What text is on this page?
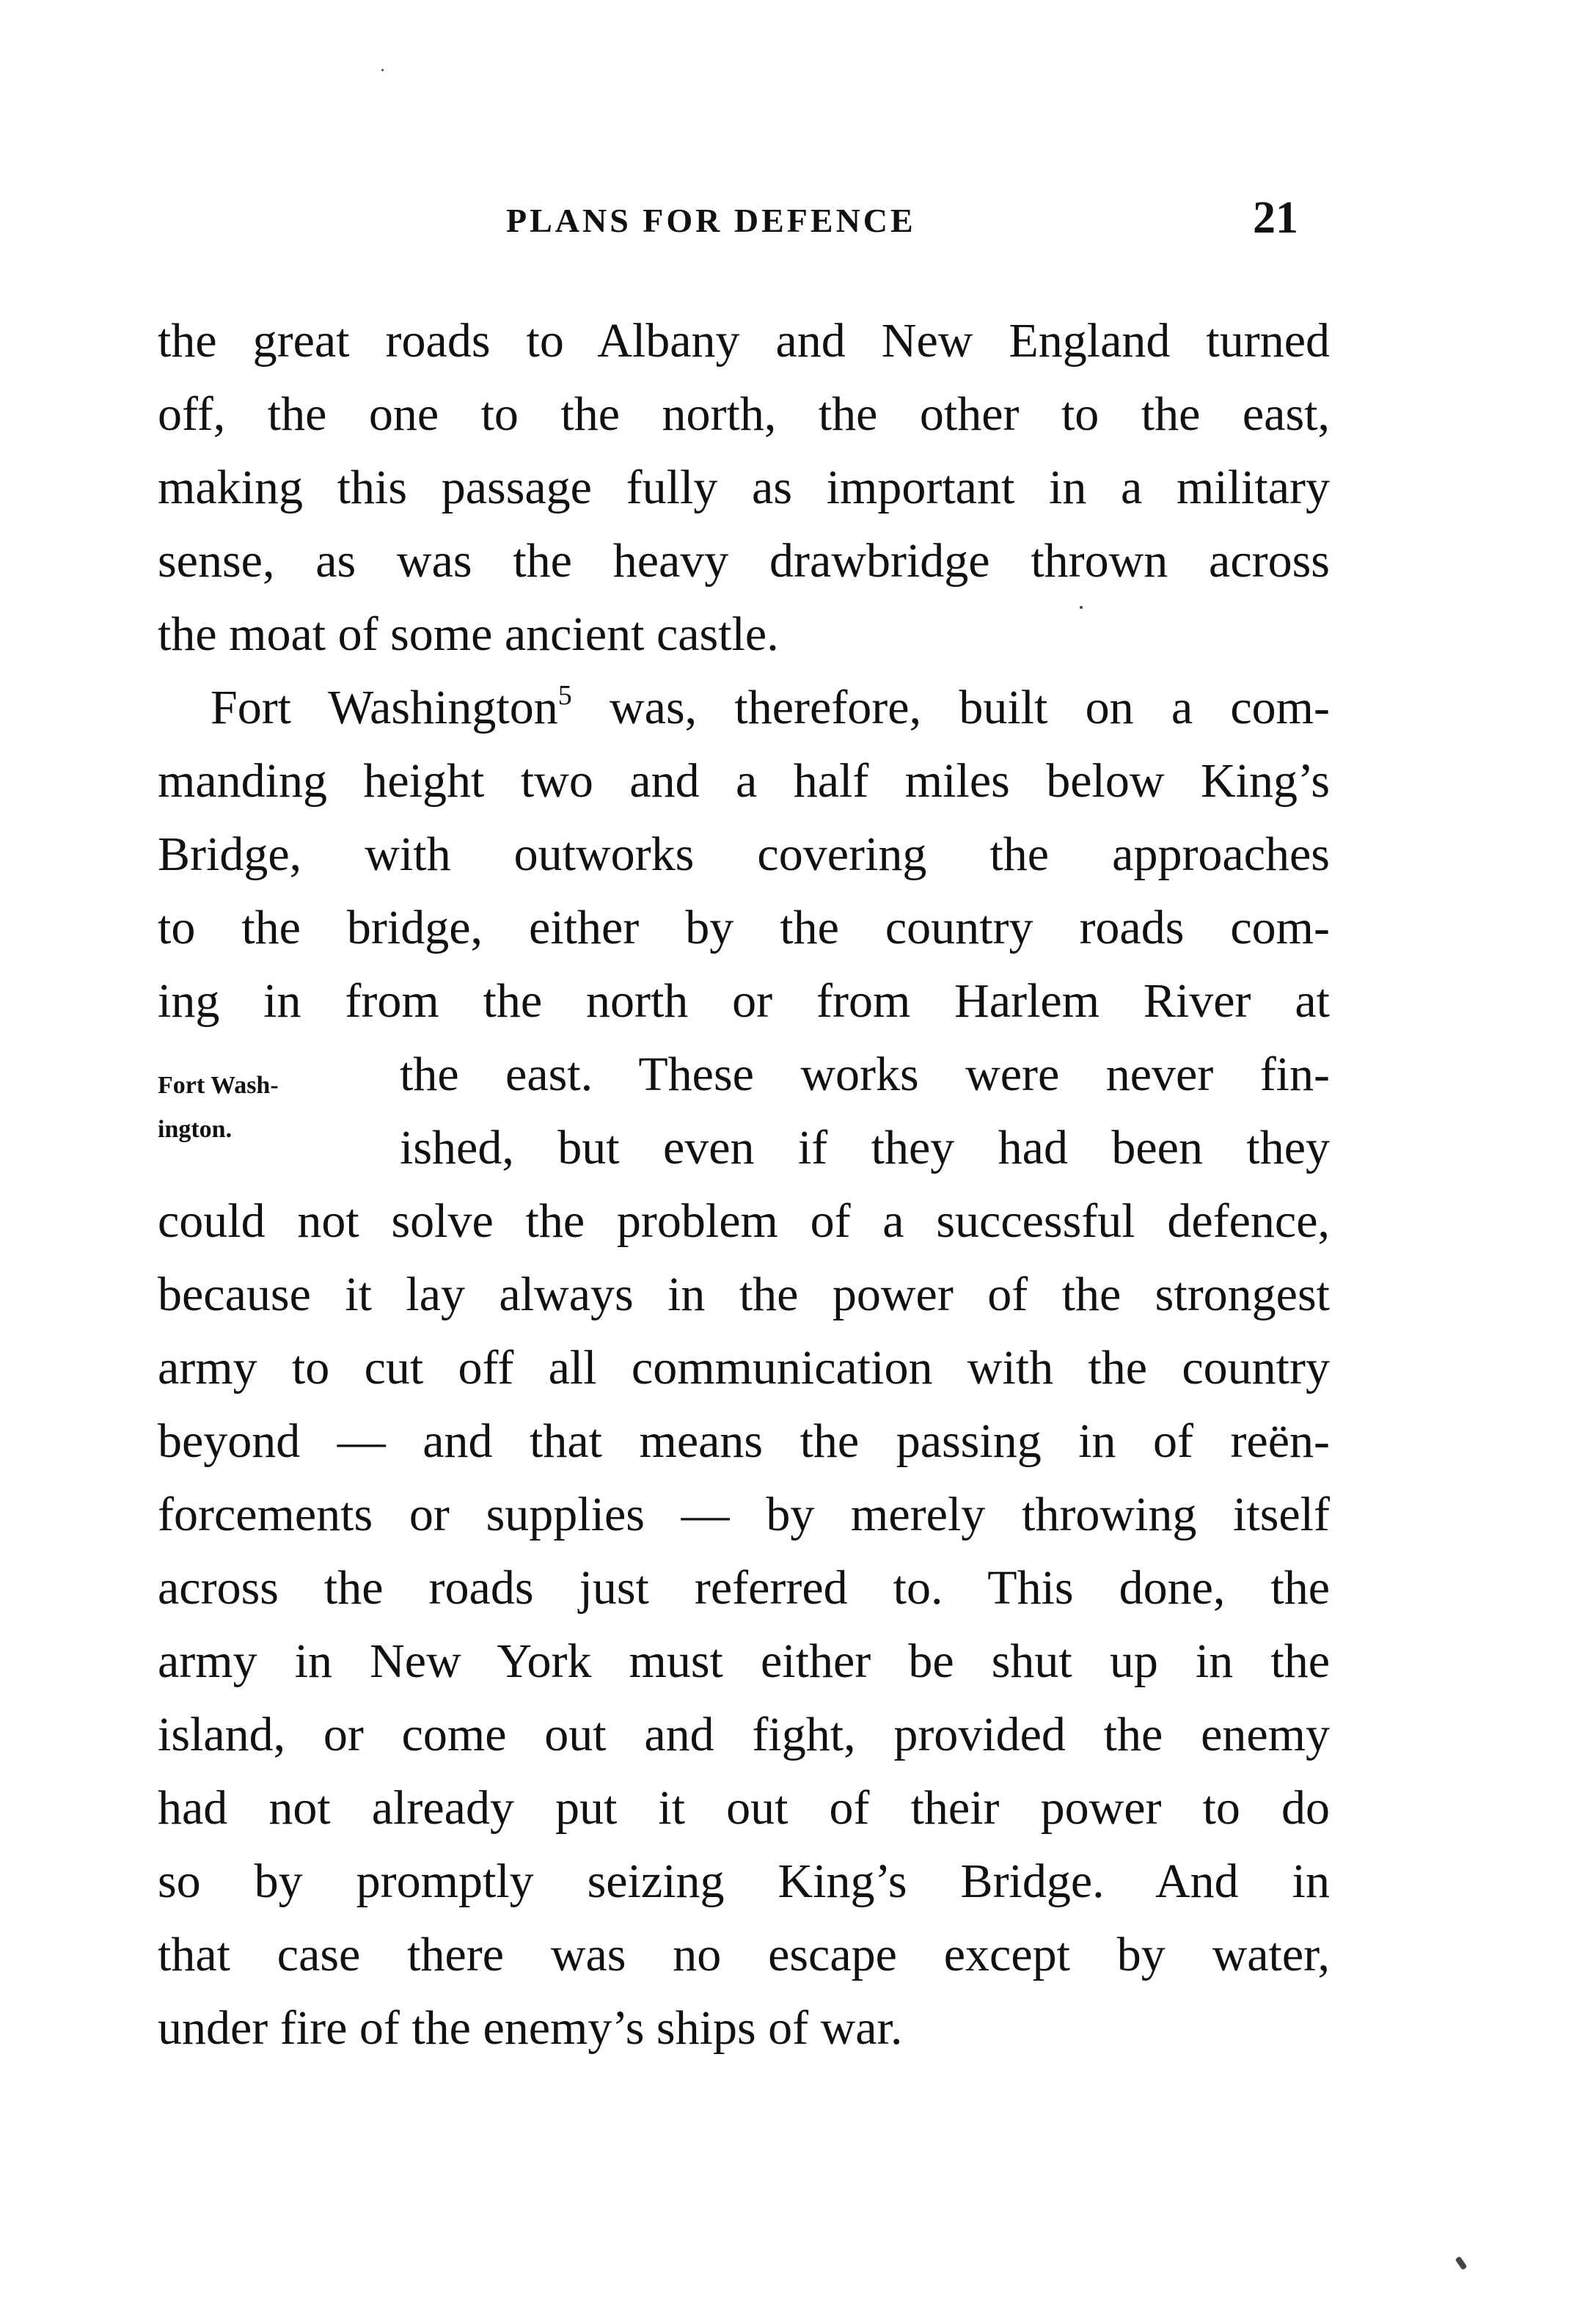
PLANS FOR DEFENCE	21
Fort Wash-
ington.
the great roads to Albany and New England turned
off, the one to the north, the other to the east,
making this passage fully as important in a military
sense, as was the heavy drawbridge thrown across
the moat of some ancient castle.
Fort Washington$^5$ was, therefore, built on a com-
manding height two and a half miles below King’s
Bridge, with outworks covering the approaches
to the bridge, either by the country roads com-
ing in from the north or from Harlem River at
the east. These works were never fin-
ished, but even if they had been they
could not solve the problem of a successful defence,
because it lay always in the power of the strongest
army to cut off all communication with the country
beyond — and that means the passing in of reën-
forcements or supplies — by merely throwing itself
across the roads just referred to. This done, the
army in New York must either be shut up in the
island, or come out and fight, provided the enemy
had not already put it out of their power to do
so by promptly seizing King’s Bridge. And in
that case there was no escape except by water,
under fire of the enemy’s ships of war.
